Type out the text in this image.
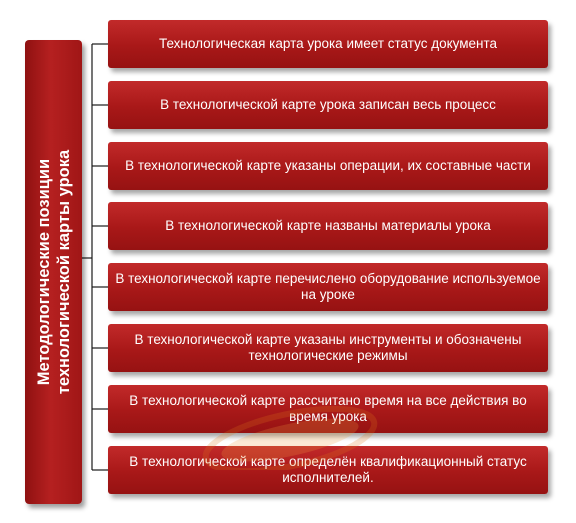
Методологические позиции технологической карты урока
Технологическая карта урока имеет статус документа
В технологической карте урока записан весь процесс
В технологической карте указаны операции, их составные части
В технологической карте названы материалы урока
В технологической карте перечислено оборудование используемое на уроке
В технологической карте указаны инструменты и обозначены технологические режимы
В технологической карте рассчитано время на все действия во время урока
В технологической карте определён квалификационный статус исполнителей.
